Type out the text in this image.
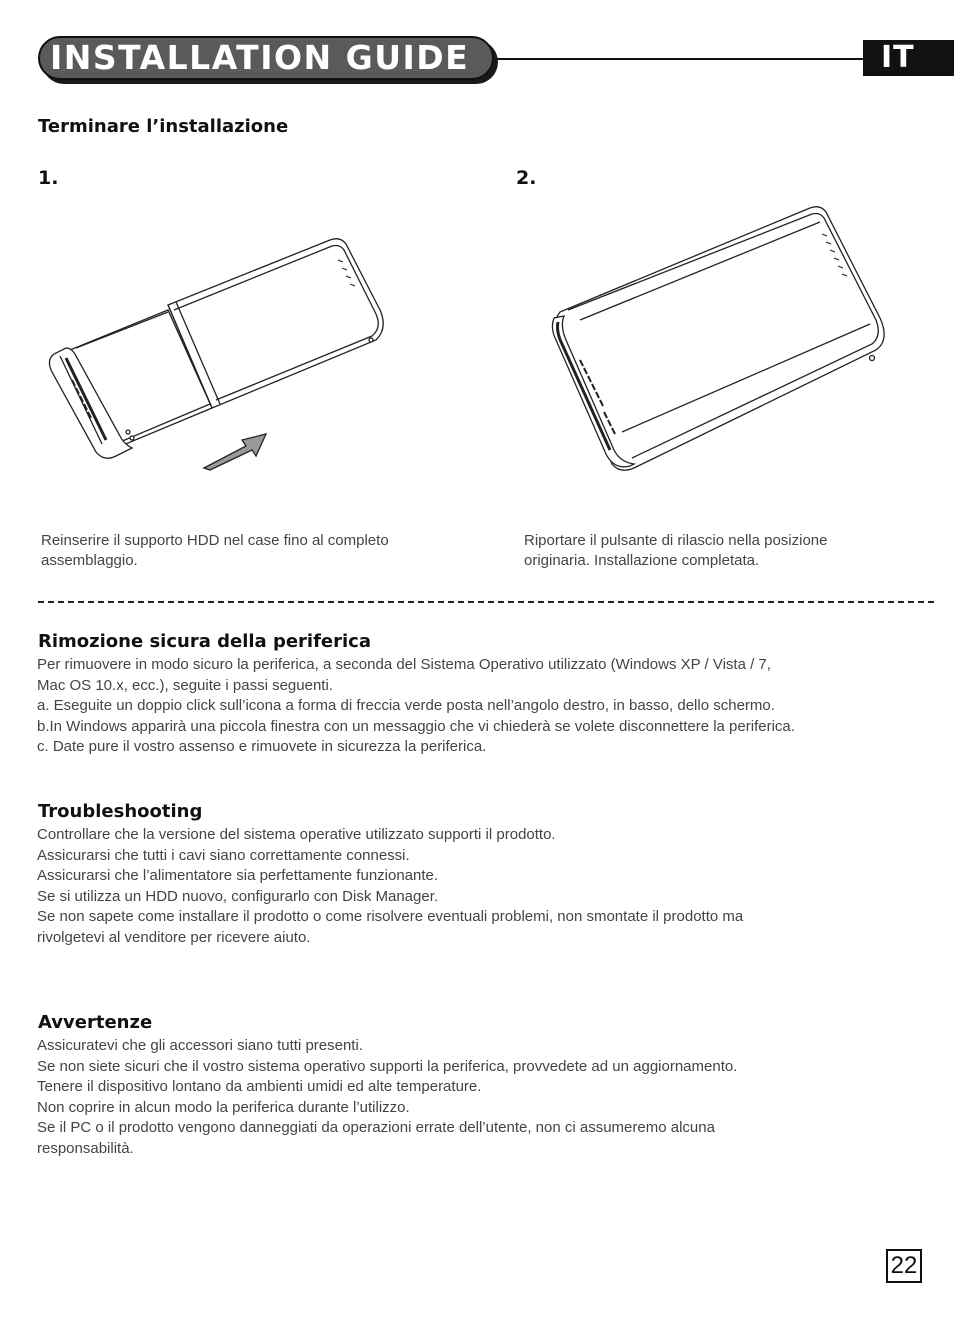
INSTALLATION GUIDE	IT
Terminare l’installazione
1.	2.

Reinserire il supporto HDD nel case fino al completo
assemblaggio.

Riportare il pulsante di rilascio nella posizione
originaria. Installazione completata.

Rimozione sicura della periferica
Per rimuovere in modo sicuro la periferica, a seconda del Sistema Operativo utilizzato (Windows XP / Vista / 7,
Mac OS 10.x, ecc.), seguite i passi seguenti.
a. Eseguite un doppio click sull’icona a forma di freccia verde posta nell’angolo destro, in basso, dello schermo.
b.In Windows apparirà una piccola finestra con un messaggio che vi chiederà se volete disconnettere la periferica.
c. Date pure il vostro assenso e rimuovete in sicurezza la periferica.
Troubleshooting
Controllare che la versione del sistema operative utilizzato supporti il prodotto.
Assicurarsi che tutti i cavi siano correttamente connessi.
Assicurarsi che l’alimentatore sia perfettamente funzionante.
Se si utilizza un HDD nuovo, configurarlo con Disk Manager.
Se non sapete come installare il prodotto o come risolvere eventuali problemi, non smontate il prodotto ma
rivolgetevi al venditore per ricevere aiuto.
Avvertenze
Assicuratevi che gli accessori siano tutti presenti.
Se non siete sicuri che il vostro sistema operativo supporti la periferica, provvedete ad un aggiornamento.
Tenere il dispositivo lontano da ambienti umidi ed alte temperature.
Non coprire in alcun modo la periferica durante l’utilizzo.
Se il PC o il prodotto vengono danneggiati da operazioni errate dell’utente, non ci assumeremo alcuna
responsabilità.
22
